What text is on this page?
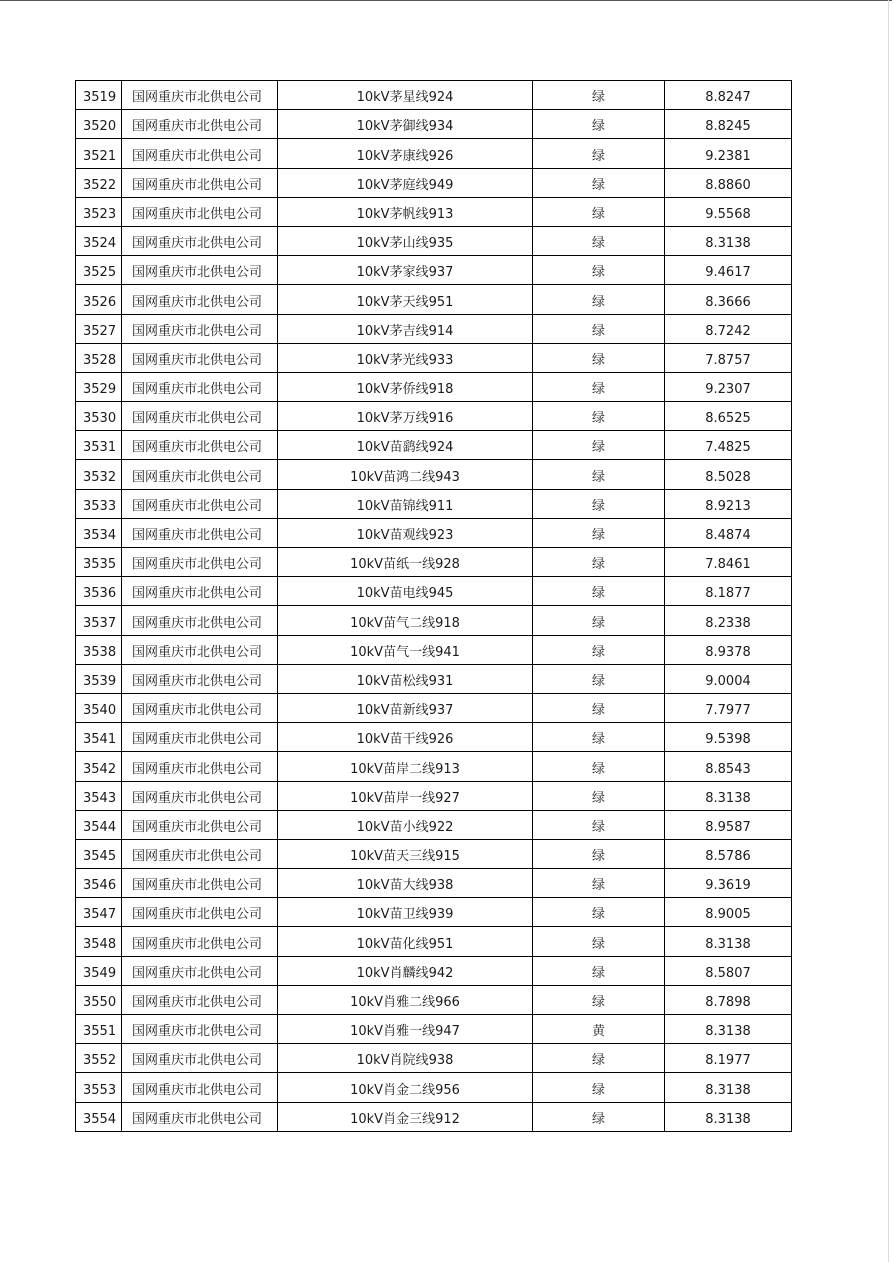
3519	国网重庆市北供电公司	10kV茅星线924	绿	8.8247
3520	国网重庆市北供电公司	10kV茅御线934	绿	8.8245
3521	国网重庆市北供电公司	10kV茅康线926	绿	9.2381
3522	国网重庆市北供电公司	10kV茅庭线949	绿	8.8860
3523	国网重庆市北供电公司	10kV茅帆线913	绿	9.5568
3524	国网重庆市北供电公司	10kV茅山线935	绿	8.3138
3525	国网重庆市北供电公司	10kV茅家线937	绿	9.4617
3526	国网重庆市北供电公司	10kV茅天线951	绿	8.3666
3527	国网重庆市北供电公司	10kV茅吉线914	绿	8.7242
3528	国网重庆市北供电公司	10kV茅光线933	绿	7.8757
3529	国网重庆市北供电公司	10kV茅侨线918	绿	9.2307
3530	国网重庆市北供电公司	10kV茅万线916	绿	8.6525
3531	国网重庆市北供电公司	10kV苗鹞线924	绿	7.4825
3532	国网重庆市北供电公司	10kV苗鸿二线943	绿	8.5028
3533	国网重庆市北供电公司	10kV苗锦线911	绿	8.9213
3534	国网重庆市北供电公司	10kV苗观线923	绿	8.4874
3535	国网重庆市北供电公司	10kV苗纸一线928	绿	7.8461
3536	国网重庆市北供电公司	10kV苗电线945	绿	8.1877
3537	国网重庆市北供电公司	10kV苗气二线918	绿	8.2338
3538	国网重庆市北供电公司	10kV苗气一线941	绿	8.9378
3539	国网重庆市北供电公司	10kV苗松线931	绿	9.0004
3540	国网重庆市北供电公司	10kV苗新线937	绿	7.7977
3541	国网重庆市北供电公司	10kV苗干线926	绿	9.5398
3542	国网重庆市北供电公司	10kV苗岸二线913	绿	8.8543
3543	国网重庆市北供电公司	10kV苗岸一线927	绿	8.3138
3544	国网重庆市北供电公司	10kV苗小线922	绿	8.9587
3545	国网重庆市北供电公司	10kV苗天三线915	绿	8.5786
3546	国网重庆市北供电公司	10kV苗大线938	绿	9.3619
3547	国网重庆市北供电公司	10kV苗卫线939	绿	8.9005
3548	国网重庆市北供电公司	10kV苗化线951	绿	8.3138
3549	国网重庆市北供电公司	10kV肖麟线942	绿	8.5807
3550	国网重庆市北供电公司	10kV肖雅二线966	绿	8.7898
3551	国网重庆市北供电公司	10kV肖雅一线947	黄	8.3138
3552	国网重庆市北供电公司	10kV肖院线938	绿	8.1977
3553	国网重庆市北供电公司	10kV肖金二线956	绿	8.3138
3554	国网重庆市北供电公司	10kV肖金三线912	绿	8.3138
